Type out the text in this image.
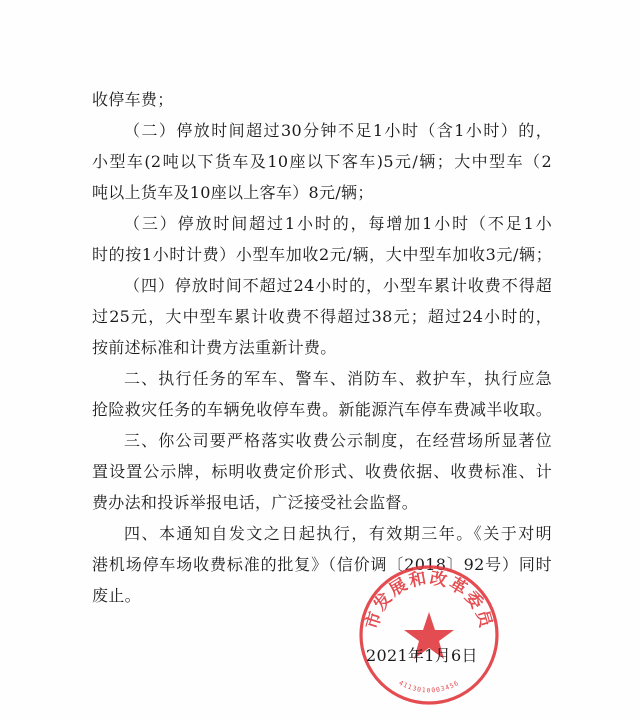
收停车费；
（二）停放时间超过30分钟不足1小时（含1小时）的，
小型车(2吨以下货车及10座以下客车)5元/辆；大中型车（2
吨以上货车及10座以上客车）8元/辆；
（三）停放时间超过1小时的，每增加1小时（不足1小
时的按1小时计费）小型车加收2元/辆，大中型车加收3元/辆；
（四）停放时间不超过24小时的，小型车累计收费不得超
过25元，大中型车累计收费不得超过38元；超过24小时的，
按前述标准和计费方法重新计费。
二、执行任务的军车、警车、消防车、救护车，执行应急
抢险救灾任务的车辆免收停车费。新能源汽车停车费减半收取。
三、你公司要严格落实收费公示制度，在经营场所显著位
置设置公示牌，标明收费定价形式、收费依据、收费标准、计
费办法和投诉举报电话，广泛接受社会监督。
四、本通知自发文之日起执行，有效期三年。《关于对明
港机场停车场收费标准的批复》（信价调〔2018〕92号）同时
废止。
市发展和改革委员
4113010003456
2021年1月6日
